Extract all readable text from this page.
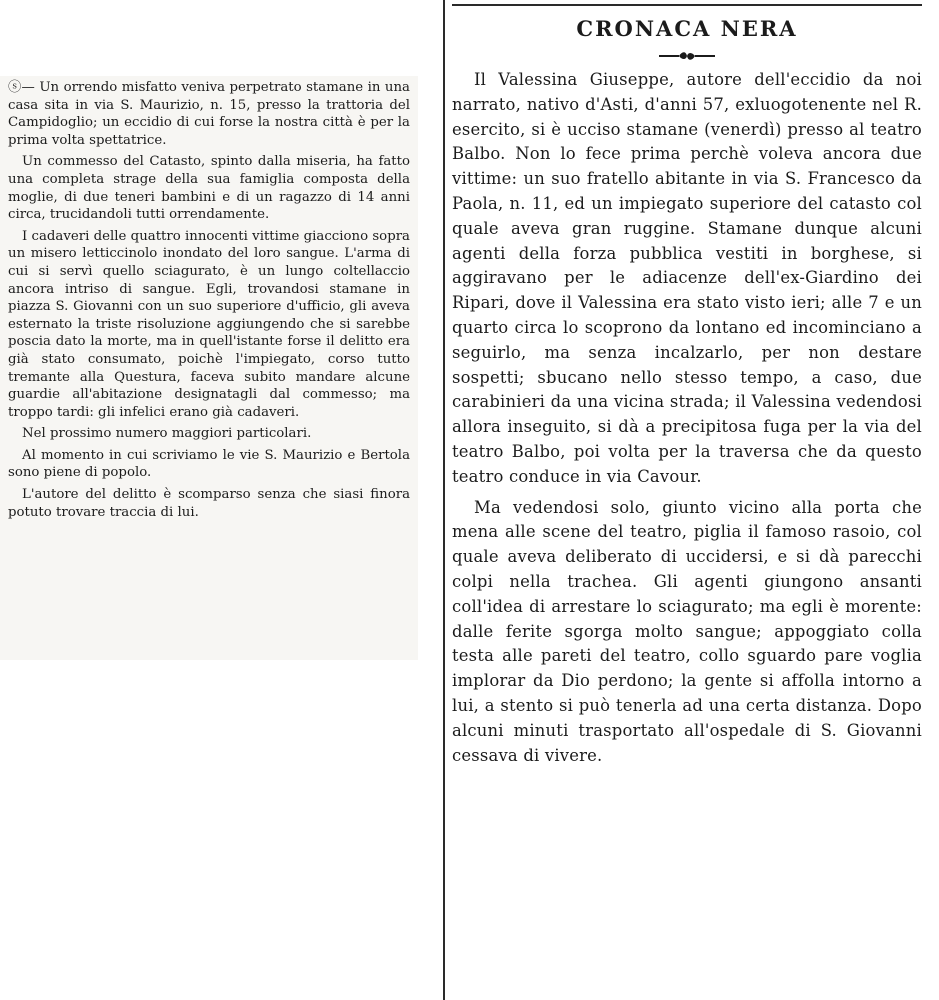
ⓢ— Un orrendo misfatto veniva perpetrato stamane in una casa sita in via S. Maurizio, n. 15, presso la trattoria del Campidoglio; un eccidio di cui forse la nostra città è per la prima volta spettatrice.

Un commesso del Catasto, spinto dalla miseria, ha fatto una completa strage della sua famiglia composta della moglie, di due teneri bambini e di un ragazzo di 14 anni circa, trucidandoli tutti orrendamente.

I cadaveri delle quattro innocenti vittime giacciono sopra un misero letticcinolo inondato del loro sangue. L'arma di cui si servì quello sciagurato, è un lungo coltellaccio ancora intriso di sangue. Egli, trovandosi stamane in piazza S. Giovanni con un suo superiore d'ufficio, gli aveva esternato la triste risoluzione aggiungendo che si sarebbe poscia dato la morte, ma in quell'istante forse il delitto era già stato consumato, poichè l'impiegato, corso tutto tremante alla Questura, faceva subito mandare alcune guardie all'abitazione designatagli dal commesso; ma troppo tardi: gli infelici erano già cadaveri.

Nel prossimo numero maggiori particolari.

Al momento in cui scriviamo le vie S. Maurizio e Bertola sono piene di popolo.

L'autore del delitto è scomparso senza che siasi finora potuto trovare traccia di lui.

CRONACA NERA

Il Valessina Giuseppe, autore dell'eccidio da noi narrato, nativo d'Asti, d'anni 57, exluogotenente nel R. esercito, si è ucciso stamane (venerdì) presso al teatro Balbo. Non lo fece prima perchè voleva ancora due vittime: un suo fratello abitante in via S. Francesco da Paola, n. 11, ed un impiegato superiore del catasto col quale aveva gran ruggine. Stamane dunque alcuni agenti della forza pubblica vestiti in borghese, si aggiravano per le adiacenze dell'ex-Giardino dei Ripari, dove il Valessina era stato visto ieri; alle 7 e un quarto circa lo scoprono da lontano ed incominciano a seguirlo, ma senza incalzarlo, per non destare sospetti; sbucano nello stesso tempo, a caso, due carabinieri da una vicina strada; il Valessina vedendosi allora inseguito, si dà a precipitosa fuga per la via del teatro Balbo, poi volta per la traversa che da questo teatro conduce in via Cavour.

Ma vedendosi solo, giunto vicino alla porta che mena alle scene del teatro, piglia il famoso rasoio, col quale aveva deliberato di uccidersi, e si dà parecchi colpi nella trachea. Gli agenti giungono ansanti coll'idea di arrestare lo sciagurato; ma egli è morente: dalle ferite sgorga molto sangue; appoggiato colla testa alle pareti del teatro, collo sguardo pare voglia implorar da Dio perdono; la gente si affolla intorno a lui, a stento si può tenerla ad una certa distanza. Dopo alcuni minuti trasportato all'ospedale di S. Giovanni cessava di vivere.
